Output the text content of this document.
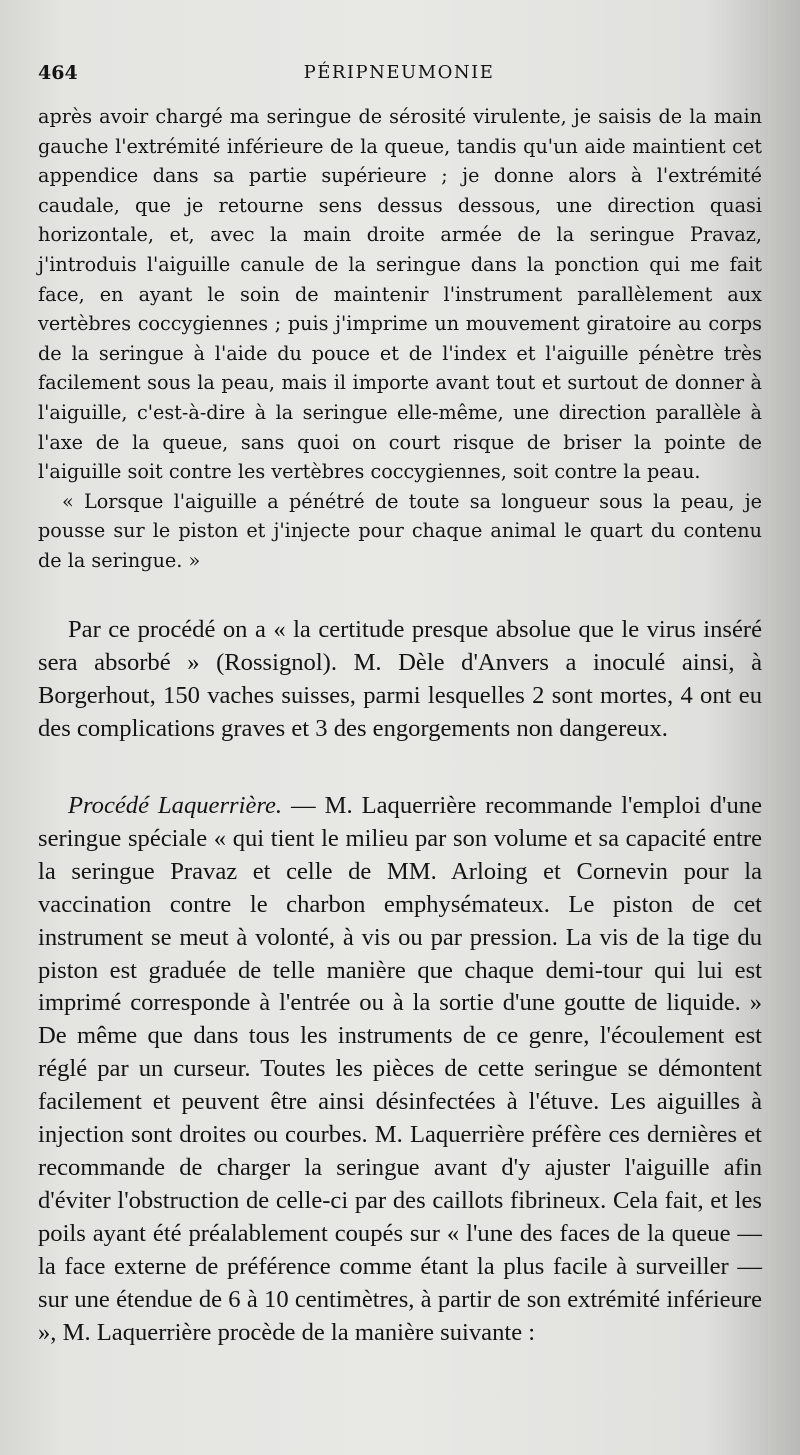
464	PÉRIPNEUMONIE

après avoir chargé ma seringue de sérosité virulente, je saisis de la main gauche l'extrémité inférieure de la queue, tandis qu'un aide maintient cet appendice dans sa partie supérieure ; je donne alors à l'extrémité caudale, que je retourne sens dessus dessous, une direction quasi horizontale, et, avec la main droite armée de la seringue Pravaz, j'introduis l'aiguille canule de la seringue dans la ponction qui me fait face, en ayant le soin de maintenir l'instrument parallèlement aux vertèbres coccygiennes ; puis j'imprime un mouvement giratoire au corps de la seringue à l'aide du pouce et de l'index et l'aiguille pénètre très facilement sous la peau, mais il importe avant tout et surtout de donner à l'aiguille, c'est-à-dire à la seringue elle-même, une direction parallèle à l'axe de la queue, sans quoi on court risque de briser la pointe de l'aiguille soit contre les vertèbres coccygiennes, soit contre la peau.

« Lorsque l'aiguille a pénétré de toute sa longueur sous la peau, je pousse sur le piston et j'injecte pour chaque animal le quart du contenu de la seringue. »

Par ce procédé on a « la certitude presque absolue que le virus inséré sera absorbé » (Rossignol). M. Dèle d'Anvers a inoculé ainsi, à Borgerhout, 150 vaches suisses, parmi lesquelles 2 sont mortes, 4 ont eu des complications graves et 3 des engorgements non dangereux.

Procédé Laquerrière. — M. Laquerrière recommande l'emploi d'une seringue spéciale « qui tient le milieu par son volume et sa capacité entre la seringue Pravaz et celle de MM. Arloing et Cornevin pour la vaccination contre le charbon emphysémateux. Le piston de cet instrument se meut à volonté, à vis ou par pression. La vis de la tige du piston est graduée de telle manière que chaque demi-tour qui lui est imprimé corresponde à l'entrée ou à la sortie d'une goutte de liquide. » De même que dans tous les instruments de ce genre, l'écoulement est réglé par un curseur. Toutes les pièces de cette seringue se démontent facilement et peuvent être ainsi désinfectées à l'étuve. Les aiguilles à injection sont droites ou courbes. M. Laquerrière préfère ces dernières et recommande de charger la seringue avant d'y ajuster l'aiguille afin d'éviter l'obstruction de celle-ci par des caillots fibrineux. Cela fait, et les poils ayant été préalablement coupés sur « l'une des faces de la queue — la face externe de préférence comme étant la plus facile à surveiller — sur une étendue de 6 à 10 centimètres, à partir de son extrémité inférieure », M. Laquerrière procède de la manière suivante :
